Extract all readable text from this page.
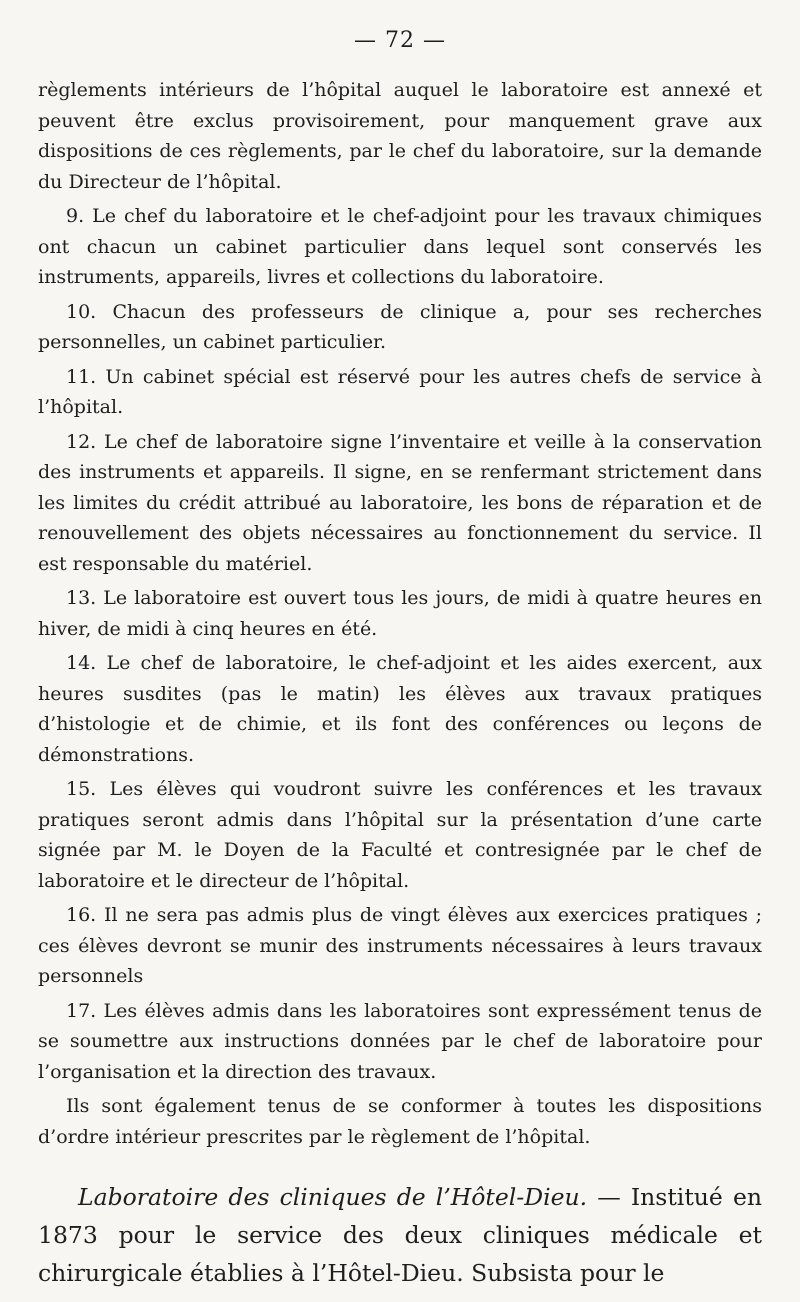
— 72 —

règlements intérieurs de l’hôpital auquel le laboratoire est annexé et peuvent être exclus provisoirement, pour manquement grave aux dispositions de ces règlements, par le chef du laboratoire, sur la demande du Directeur de l’hôpital.

9. Le chef du laboratoire et le chef-adjoint pour les travaux chimiques ont chacun un cabinet particulier dans lequel sont conservés les instruments, appareils, livres et collections du laboratoire.

10. Chacun des professeurs de clinique a, pour ses recherches personnelles, un cabinet particulier.

11. Un cabinet spécial est réservé pour les autres chefs de service à l’hôpital.

12. Le chef de laboratoire signe l’inventaire et veille à la conservation des instruments et appareils. Il signe, en se renfermant strictement dans les limites du crédit attribué au laboratoire, les bons de réparation et de renouvellement des objets nécessaires au fonctionnement du service. Il est responsable du matériel.

13. Le laboratoire est ouvert tous les jours, de midi à quatre heures en hiver, de midi à cinq heures en été.

14. Le chef de laboratoire, le chef-adjoint et les aides exercent, aux heures susdites (pas le matin) les élèves aux travaux pratiques d’histologie et de chimie, et ils font des conférences ou leçons de démonstrations.

15. Les élèves qui voudront suivre les conférences et les travaux pratiques seront admis dans l’hôpital sur la présentation d’une carte signée par M. le Doyen de la Faculté et contresignée par le chef de laboratoire et le directeur de l’hôpital.

16. Il ne sera pas admis plus de vingt élèves aux exercices pratiques ; ces élèves devront se munir des instruments nécessaires à leurs travaux personnels

17. Les élèves admis dans les laboratoires sont expressément tenus de se soumettre aux instructions données par le chef de laboratoire pour l’organisation et la direction des travaux.

Ils sont également tenus de se conformer à toutes les dispositions d’ordre intérieur prescrites par le règlement de l’hôpital.

Laboratoire des cliniques de l’Hôtel-Dieu. — Institué en 1873 pour le service des deux cliniques médicale et chirurgicale établies à l’Hôtel-Dieu. Subsista pour le
